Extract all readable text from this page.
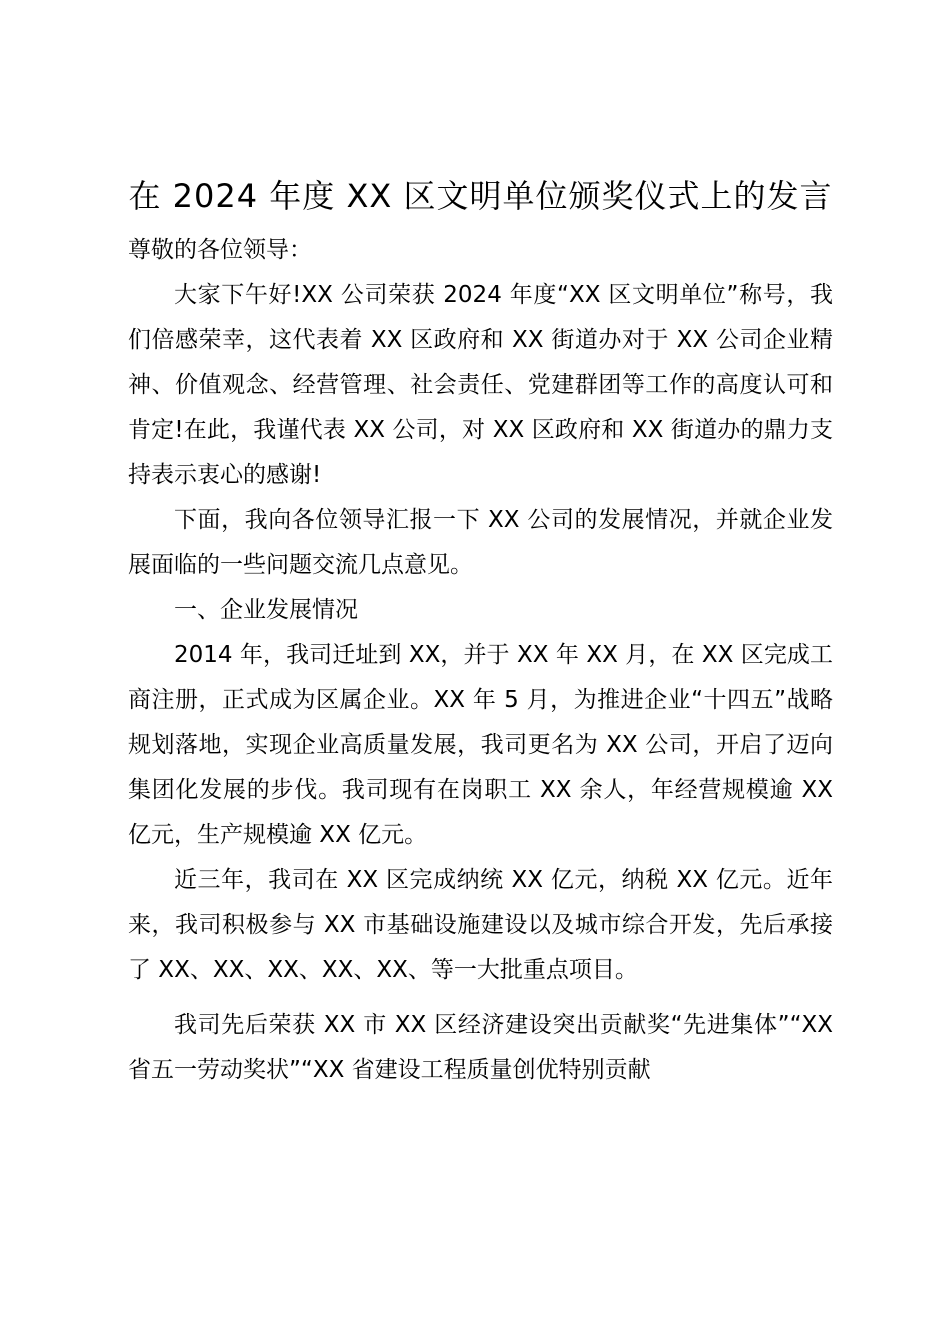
在 2024 年度 XX 区文明单位颁奖仪式上的发言

尊敬的各位领导：

大家下午好!XX 公司荣获 2024 年度“XX 区文明单位”称号，我们倍感荣幸，这代表着 XX 区政府和 XX 街道办对于 XX 公司企业精神、价值观念、经营管理、社会责任、党建群团等工作的高度认可和肯定!在此，我谨代表 XX 公司，对 XX 区政府和 XX 街道办的鼎力支持表示衷心的感谢!

下面，我向各位领导汇报一下 XX 公司的发展情况，并就企业发展面临的一些问题交流几点意见。

一、企业发展情况

2014 年，我司迁址到 XX，并于 XX 年 XX 月，在 XX 区完成工商注册，正式成为区属企业。XX 年 5 月，为推进企业“十四五”战略规划落地，实现企业高质量发展，我司更名为 XX 公司，开启了迈向集团化发展的步伐。我司现有在岗职工 XX 余人，年经营规模逾 XX 亿元，生产规模逾 XX 亿元。

近三年，我司在 XX 区完成纳统 XX 亿元，纳税 XX 亿元。近年来，我司积极参与 XX 市基础设施建设以及城市综合开发，先后承接了 XX、XX、XX、XX、XX、等一大批重点项目。

我司先后荣获 XX 市 XX 区经济建设突出贡献奖“先进集体”“XX 省五一劳动奖状”“XX 省建设工程质量创优特别贡献
